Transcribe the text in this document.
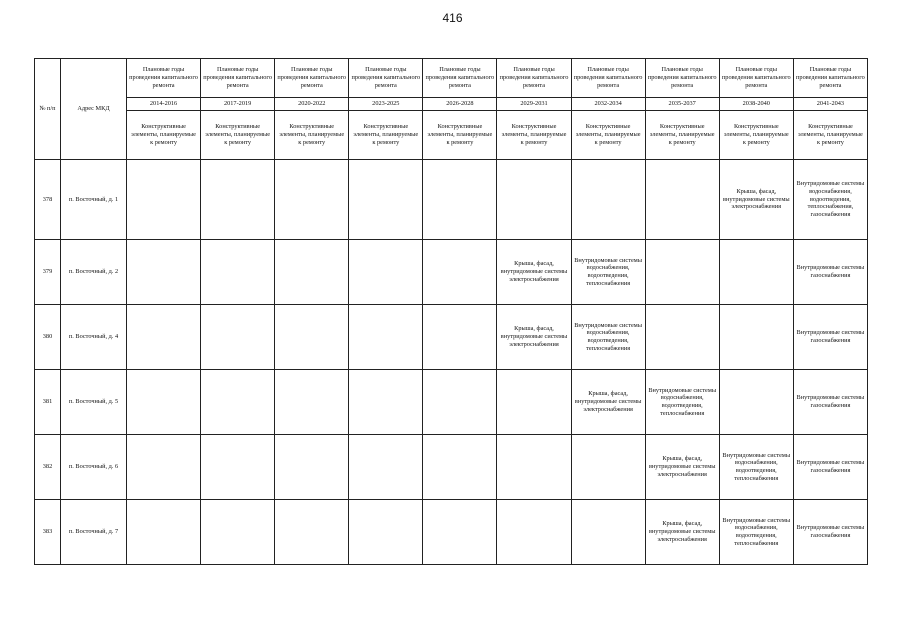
416
№ п/п	Адрес МКД	Плановые годы проведения капитального ремонта	Плановые годы проведения капитального ремонта	Плановые годы проведения капитального ремонта	Плановые годы проведения капитального ремонта	Плановые годы проведения капитального ремонта	Плановые годы проведения капитального ремонта	Плановые годы проведения капитального ремонта	Плановые годы проведения капитального ремонта	Плановые годы проведения капитального ремонта	Плановые годы проведения капитального ремонта
		2014-2016	2017-2019	2020-2022	2023-2025	2026-2028	2029-2031	2032-2034	2035-2037	2038-2040	2041-2043
		Конструктивные элементы, планируемые к ремонту	Конструктивные элементы, планируемые к ремонту	Конструктивные элементы, планируемые к ремонту	Конструктивные элементы, планируемые к ремонту	Конструктивные элементы, планируемые к ремонту	Конструктивные элементы, планируемые к ремонту	Конструктивные элементы, планируемые к ремонту	Конструктивные элементы, планируемые к ремонту	Конструктивные элементы, планируемые к ремонту	Конструктивные элементы, планируемые к ремонту
378	п. Восточный, д. 1									Крыша, фасад, внутридомовые системы электроснабжения	Внутридомовые системы водоснабжения, водоотведения, теплоснабжения, газоснабжения
379	п. Восточный, д. 2						Крыша, фасад, внутридомовые системы электроснабжения	Внутридомовые системы водоснабжения, водоотведения, теплоснабжения			Внутридомовые системы газоснабжения
380	п. Восточный, д. 4						Крыша, фасад, внутридомовые системы электроснабжения	Внутридомовые системы водоснабжения, водоотведения, теплоснабжения			Внутридомовые системы газоснабжения
381	п. Восточный, д. 5							Крыша, фасад, внутридомовые системы электроснабжения	Внутридомовые системы водоснабжения, водоотведения, теплоснабжения		Внутридомовые системы газоснабжения
382	п. Восточный, д. 6								Крыша, фасад, внутридомовые системы электроснабжения	Внутридомовые системы водоснабжения, водоотведения, теплоснабжения	Внутридомовые системы газоснабжения
383	п. Восточный, д. 7								Крыша, фасад, внутридомовые системы электроснабжения	Внутридомовые системы водоснабжения, водоотведения, теплоснабжения	Внутридомовые системы газоснабжения
